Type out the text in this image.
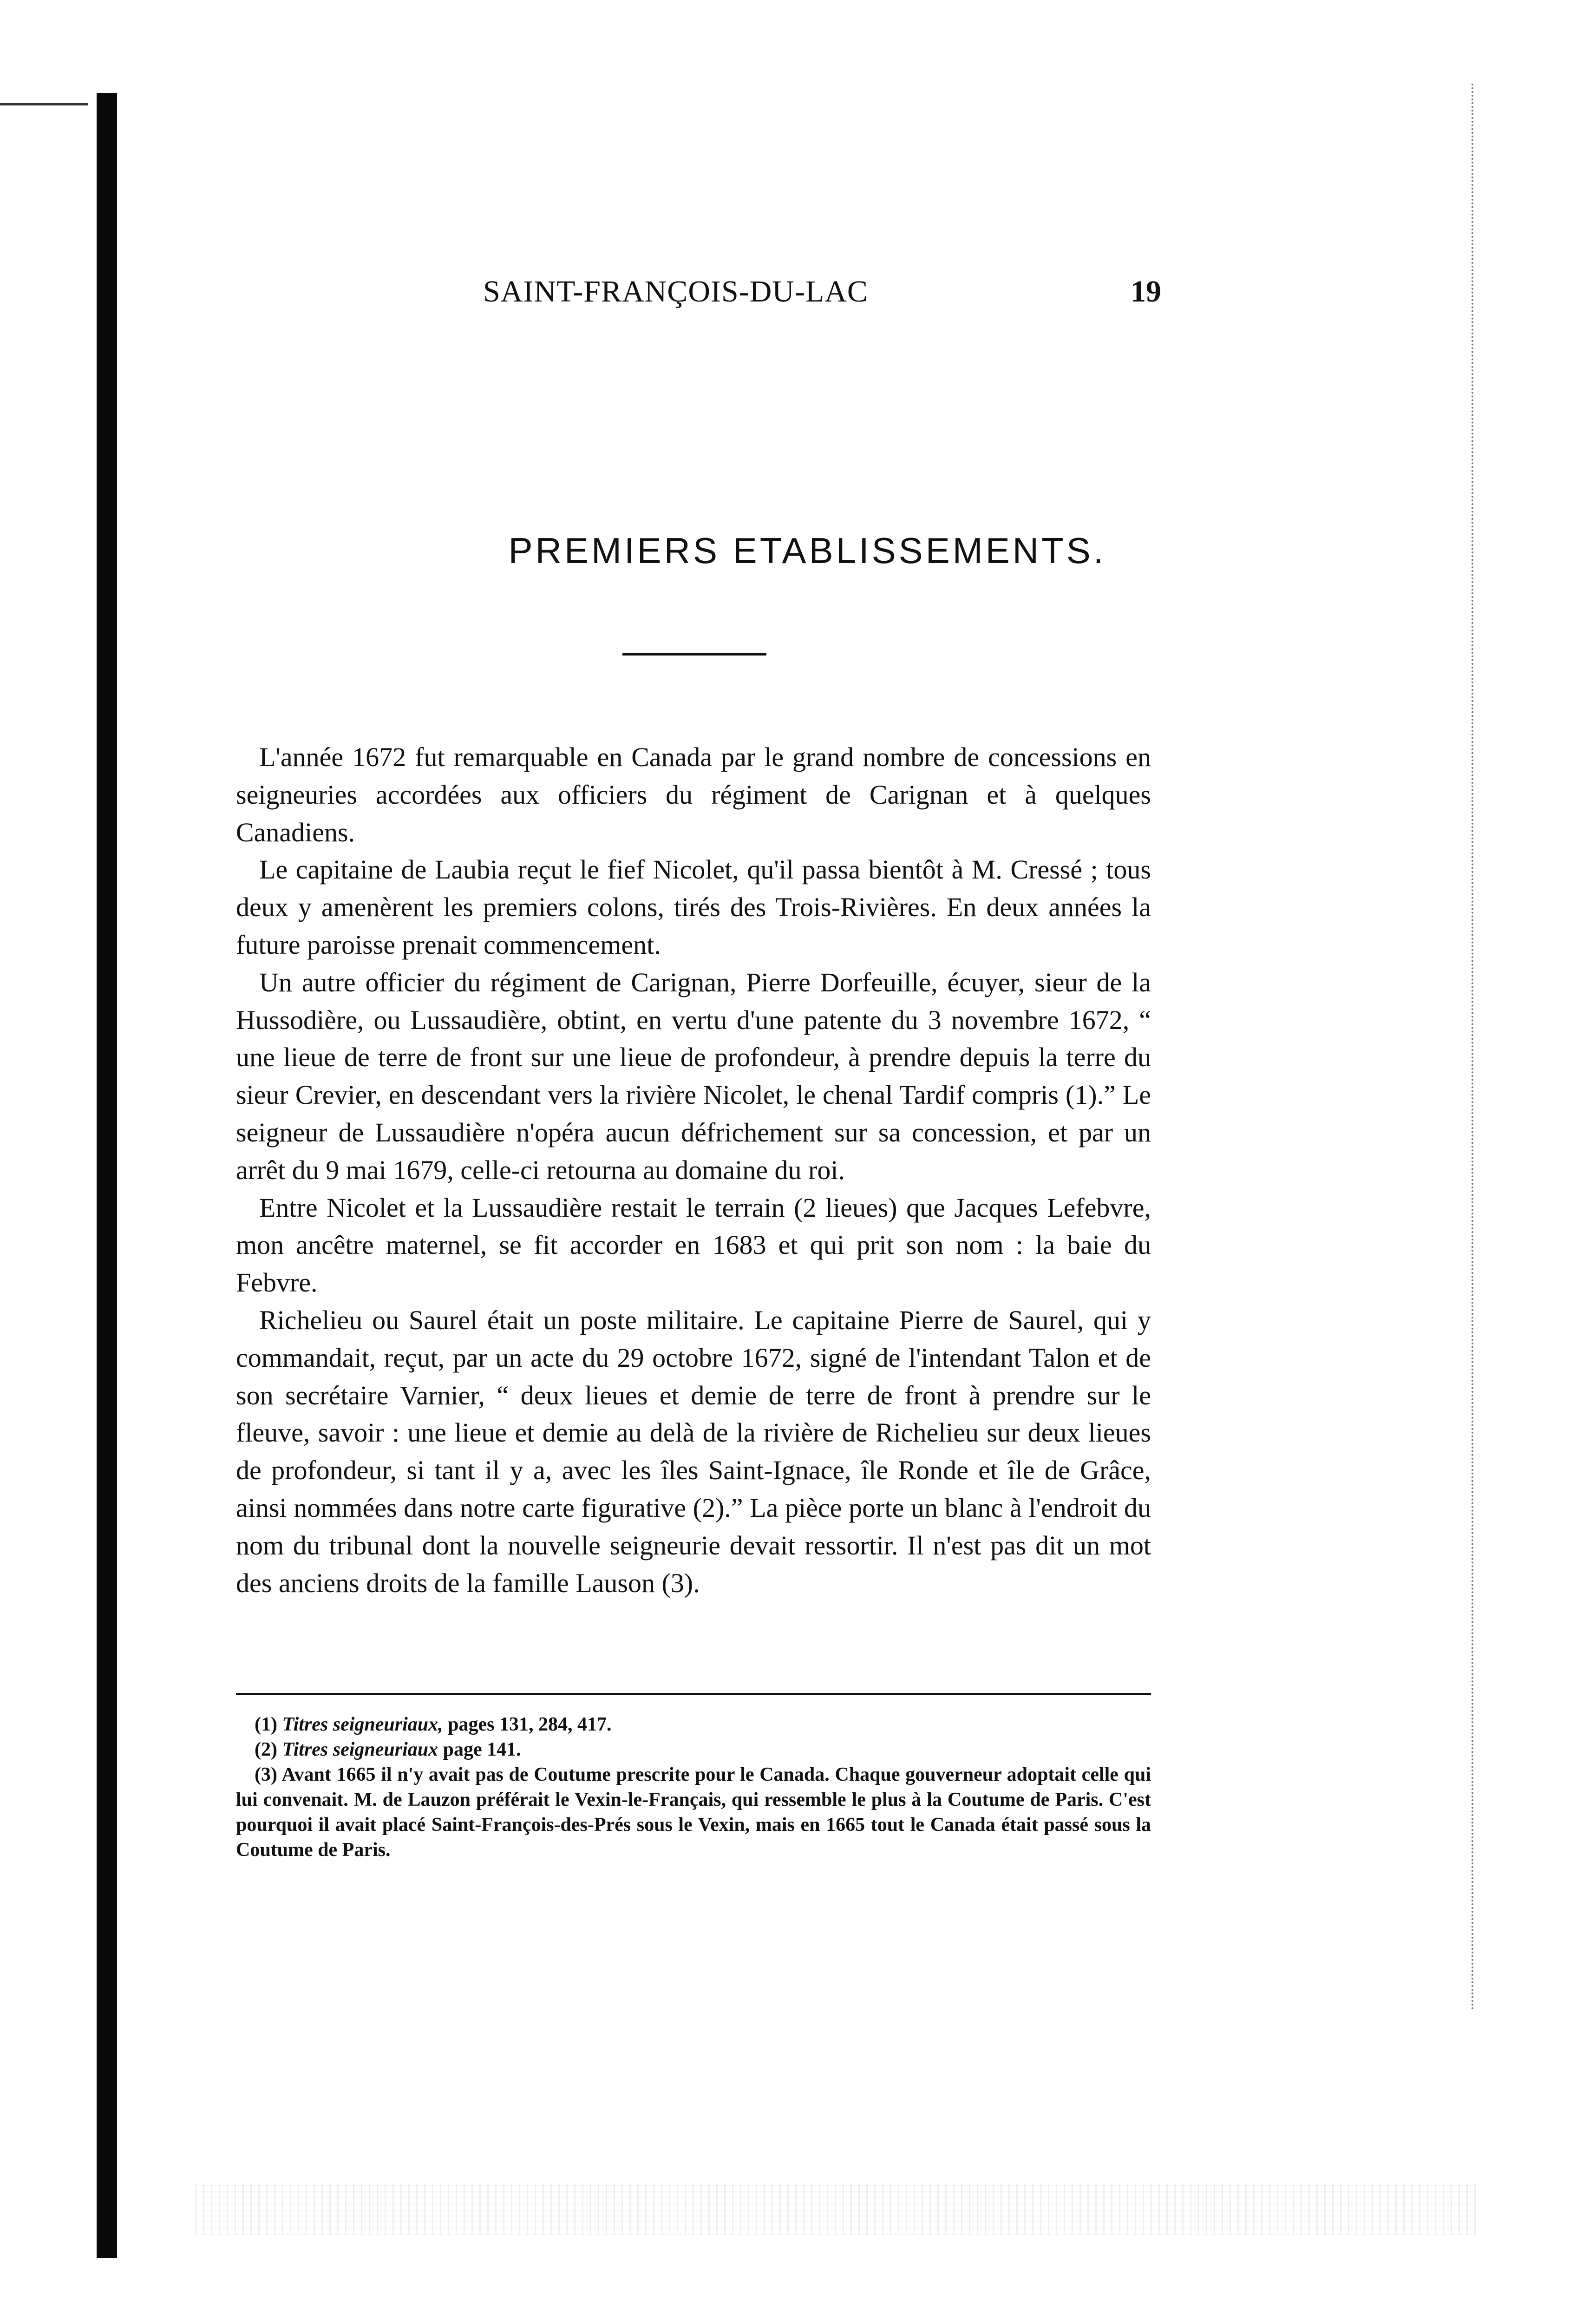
SAINT-FRANÇOIS-DU-LAC	19
PREMIERS ETABLISSEMENTS.

L'année 1672 fut remarquable en Canada par le grand nombre de concessions en seigneuries accordées aux officiers du régiment de Carignan et à quelques Canadiens.

Le capitaine de Laubia reçut le fief Nicolet, qu'il passa bientôt à M. Cressé ; tous deux y amenèrent les premiers colons, tirés des Trois-Rivières. En deux années la future paroisse prenait commencement.

Un autre officier du régiment de Carignan, Pierre Dorfeuille, écuyer, sieur de la Hussodière, ou Lussaudière, obtint, en vertu d'une patente du 3 novembre 1672, “ une lieue de terre de front sur une lieue de profondeur, à prendre depuis la terre du sieur Crevier, en descendant vers la rivière Nicolet, le chenal Tardif compris (1).” Le seigneur de Lussaudière n'opéra aucun défrichement sur sa concession, et par un arrêt du 9 mai 1679, celle-ci retourna au domaine du roi.

Entre Nicolet et la Lussaudière restait le terrain (2 lieues) que Jacques Lefebvre, mon ancêtre maternel, se fit accorder en 1683 et qui prit son nom : la baie du Febvre.

Richelieu ou Saurel était un poste militaire. Le capitaine Pierre de Saurel, qui y commandait, reçut, par un acte du 29 octobre 1672, signé de l'intendant Talon et de son secrétaire Varnier, “ deux lieues et demie de terre de front à prendre sur le fleuve, savoir : une lieue et demie au delà de la rivière de Richelieu sur deux lieues de profondeur, si tant il y a, avec les îles Saint-Ignace, île Ronde et île de Grâce, ainsi nommées dans notre carte figurative (2).” La pièce porte un blanc à l'endroit du nom du tribunal dont la nouvelle seigneurie devait ressortir. Il n'est pas dit un mot des anciens droits de la famille Lauson (3).

(1) Titres seigneuriaux, pages 131, 284, 417.

(2) Titres seigneuriaux page 141.

(3) Avant 1665 il n'y avait pas de Coutume prescrite pour le Canada. Chaque gouverneur adoptait celle qui lui convenait. M. de Lauzon préférait le Vexin-le-Français, qui ressemble le plus à la Coutume de Paris. C'est pourquoi il avait placé Saint-François-des-Prés sous le Vexin, mais en 1665 tout le Canada était passé sous la Coutume de Paris.
